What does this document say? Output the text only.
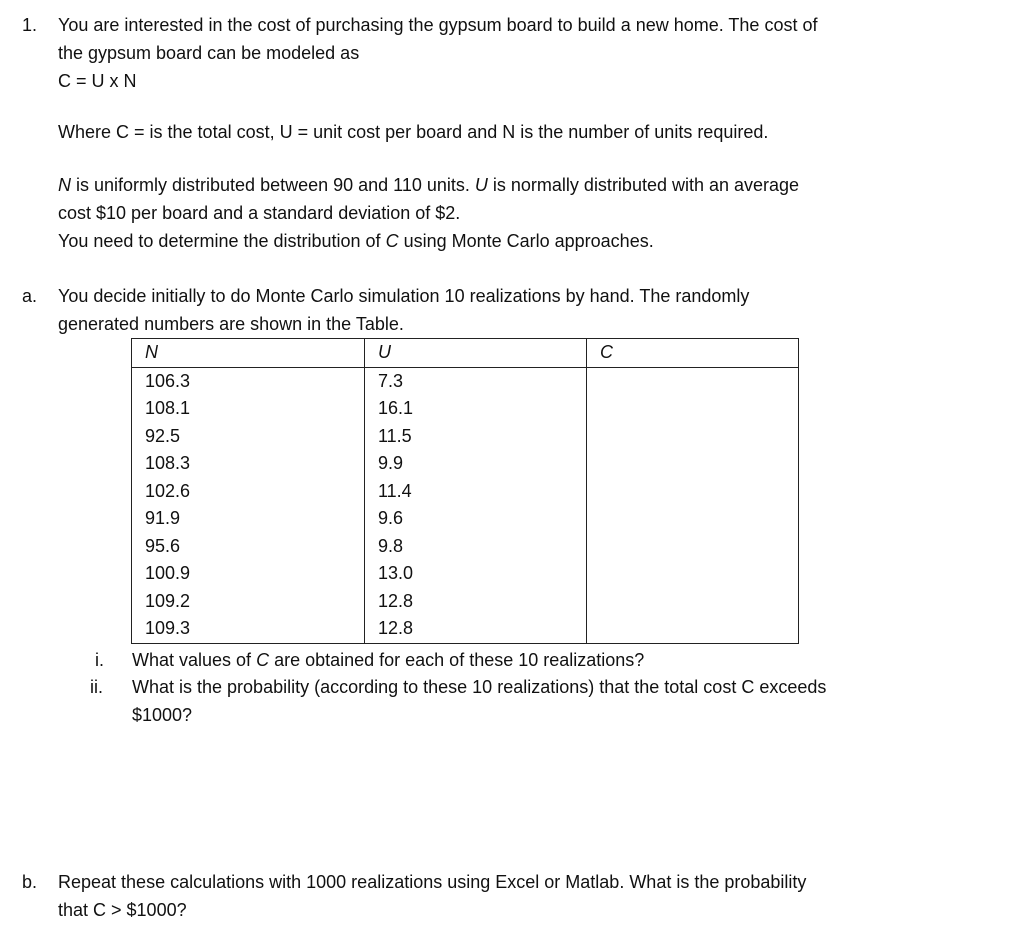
1. You are interested in the cost of purchasing the gypsum board to build a new home. The cost of
the gypsum board can be modeled as
C = U x N
Where C = is the total cost, U = unit cost per board and N is the number of units required.
N is uniformly distributed between 90 and 110 units. U is normally distributed with an average
cost $10 per board and a standard deviation of $2.
You need to determine the distribution of C using Monte Carlo approaches.
a. You decide initially to do Monte Carlo simulation 10 realizations by hand. The randomly
generated numbers are shown in the Table.
N	U	C
106.3	7.3	
108.1	16.1	
92.5	11.5	
108.3	9.9	
102.6	11.4	
91.9	9.6	
95.6	9.8	
100.9	13.0	
109.2	12.8	
109.3	12.8	
i. What values of C are obtained for each of these 10 realizations?
ii. What is the probability (according to these 10 realizations) that the total cost C exceeds
$1000?
b. Repeat these calculations with 1000 realizations using Excel or Matlab. What is the probability
that C > $1000?
